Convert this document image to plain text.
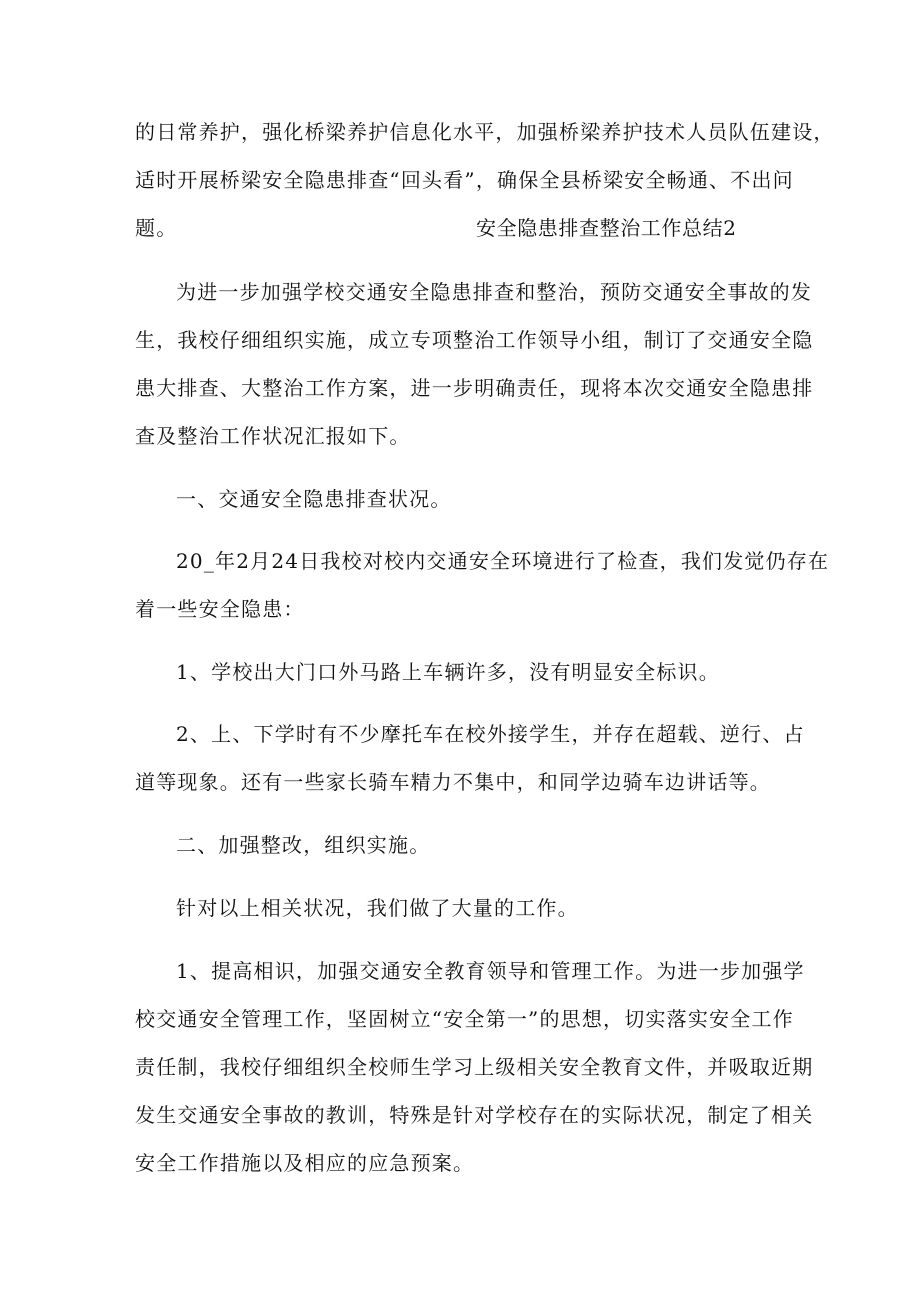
的日常养护，强化桥梁养护信息化水平，加强桥梁养护技术人员队伍建设，
适时开展桥梁安全隐患排查“回头看”，确保全县桥梁安全畅通、不出问
题。	安全隐患排查整治工作总结2
为进一步加强学校交通安全隐患排查和整治，预防交通安全事故的发
生，我校仔细组织实施，成立专项整治工作领导小组，制订了交通安全隐
患大排查、大整治工作方案，进一步明确责任，现将本次交通安全隐患排
查及整治工作状况汇报如下。
一、交通安全隐患排查状况。
20_年2月24日我校对校内交通安全环境进行了检查，我们发觉仍存在
着一些安全隐患：
1、学校出大门口外马路上车辆许多，没有明显安全标识。
2、上、下学时有不少摩托车在校外接学生，并存在超载、逆行、占
道等现象。还有一些家长骑车精力不集中，和同学边骑车边讲话等。
二、加强整改，组织实施。
针对以上相关状况，我们做了大量的工作。
1、提高相识，加强交通安全教育领导和管理工作。为进一步加强学
校交通安全管理工作，坚固树立“安全第一”的思想，切实落实安全工作
责任制，我校仔细组织全校师生学习上级相关安全教育文件，并吸取近期
发生交通安全事故的教训，特殊是针对学校存在的实际状况，制定了相关
安全工作措施以及相应的应急预案。
